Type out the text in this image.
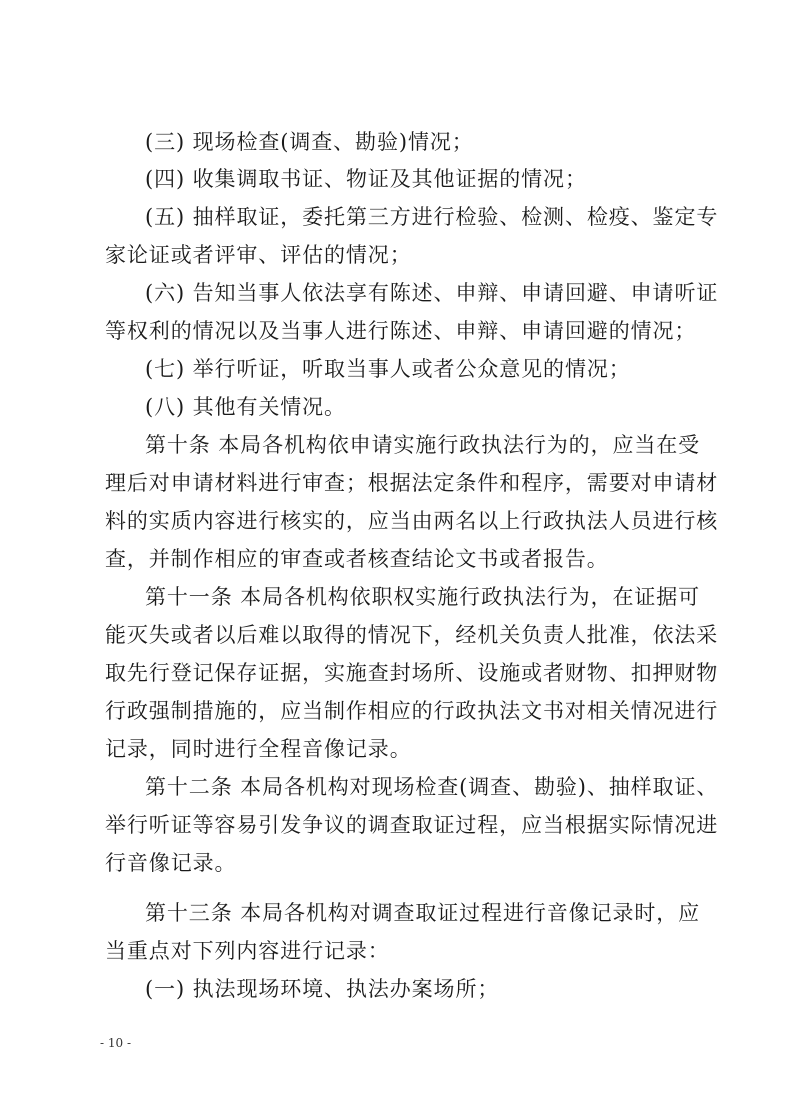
(三) 现场检查(调查、勘验)情况；
(四) 收集调取书证、物证及其他证据的情况；
(五) 抽样取证，委托第三方进行检验、检测、检疫、鉴定专
家论证或者评审、评估的情况；
(六) 告知当事人依法享有陈述、申辩、申请回避、申请听证
等权利的情况以及当事人进行陈述、申辩、申请回避的情况；
(七) 举行听证，听取当事人或者公众意见的情况；
(八) 其他有关情况。
第十条 本局各机构依申请实施行政执法行为的，应当在受
理后对申请材料进行审查；根据法定条件和程序，需要对申请材
料的实质内容进行核实的，应当由两名以上行政执法人员进行核
查，并制作相应的审查或者核查结论文书或者报告。
第十一条 本局各机构依职权实施行政执法行为，在证据可
能灭失或者以后难以取得的情况下，经机关负责人批准，依法采
取先行登记保存证据，实施查封场所、设施或者财物、扣押财物
行政强制措施的，应当制作相应的行政执法文书对相关情况进行
记录，同时进行全程音像记录。
第十二条 本局各机构对现场检查(调查、勘验)、抽样取证、
举行听证等容易引发争议的调查取证过程，应当根据实际情况进
行音像记录。
第十三条 本局各机构对调查取证过程进行音像记录时，应
当重点对下列内容进行记录：
(一) 执法现场环境、执法办案场所；
- 10 -
